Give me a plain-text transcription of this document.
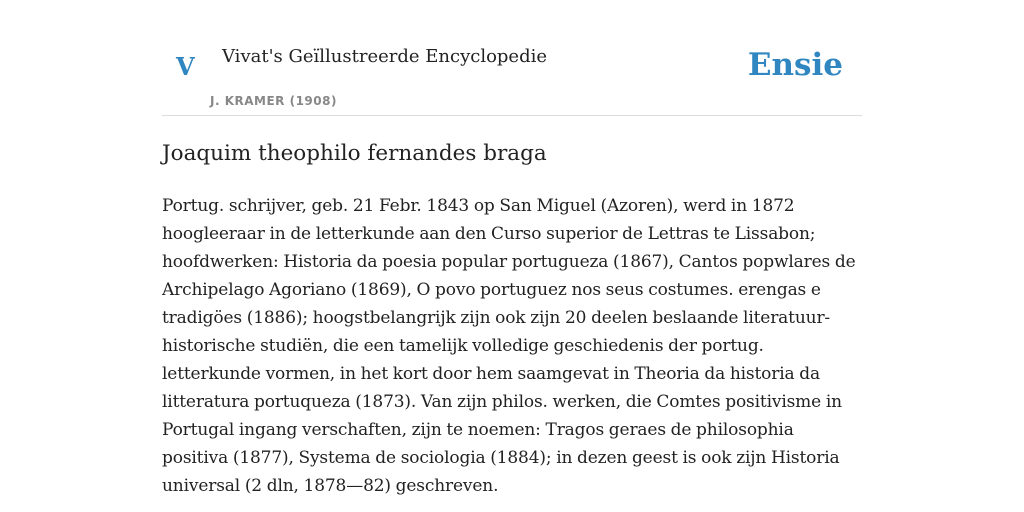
V Vivat's Geïllustreerde Encyclopedie
J. KRAMER (1908)
Ensie
Joaquim theophilo fernandes braga

Portug. schrijver, geb. 21 Febr. 1843 op San Miguel (Azoren), werd in 1872 hoogleeraar in de letterkunde aan den Curso superior de Lettras te Lissabon; hoofdwerken: Historia da poesia popular portugueza (1867), Cantos popwlares de Archipelago Agoriano (1869), O povo portuguez nos seus costumes. erengas e tradigöes (1886); hoogstbelangrijk zijn ook zijn 20 deelen beslaande literatuur-historische studiën, die een tamelijk volledige geschiedenis der portug. letterkunde vormen, in het kort door hem saamgevat in Theoria da historia da litteratura portuqueza (1873). Van zijn philos. werken, die Comtes positivisme in Portugal ingang verschaften, zijn te noemen: Tragos geraes de philosophia positiva (1877), Systema de sociologia (1884); in dezen geest is ook zijn Historia universal (2 dln, 1878—82) geschreven.
